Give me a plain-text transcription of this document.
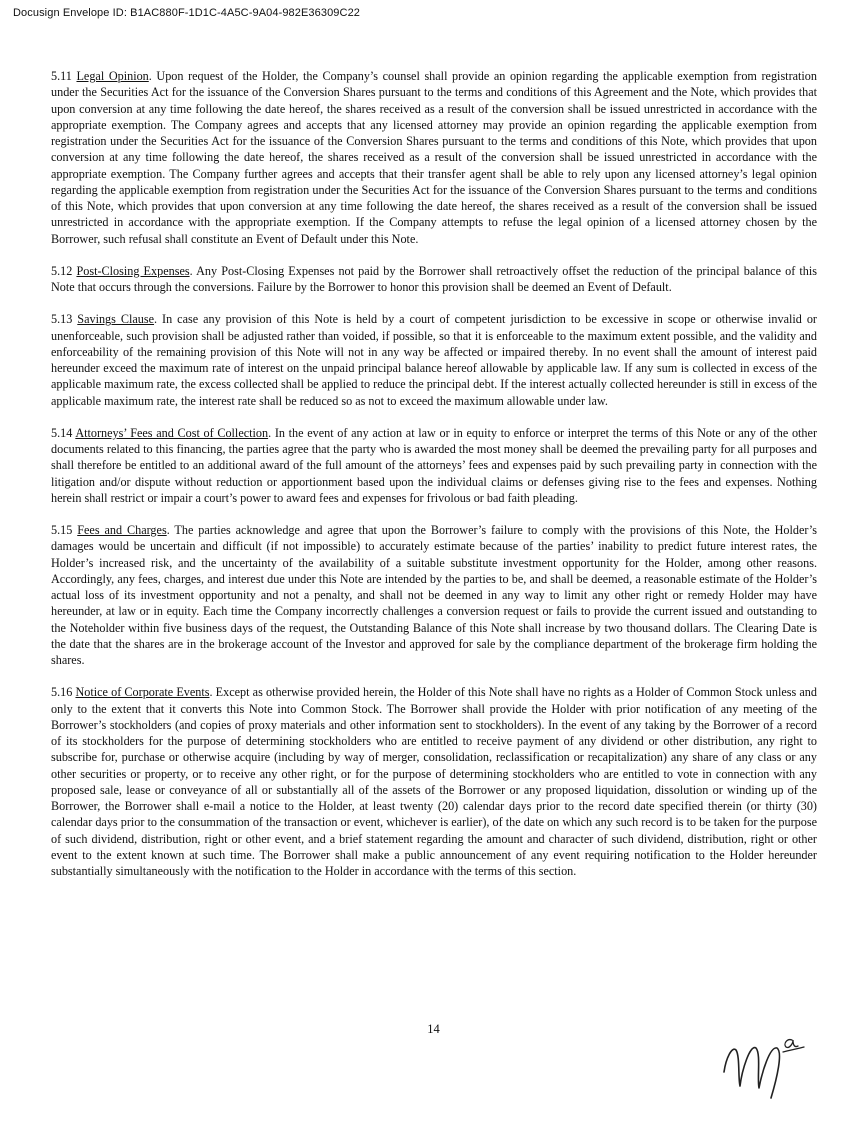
Docusign Envelope ID: B1AC880F-1D1C-4A5C-9A04-982E36309C22

5.11 Legal Opinion. Upon request of the Holder, the Company’s counsel shall provide an opinion regarding the applicable exemption from registration under the Securities Act for the issuance of the Conversion Shares pursuant to the terms and conditions of this Agreement and the Note, which provides that upon conversion at any time following the date hereof, the shares received as a result of the conversion shall be issued unrestricted in accordance with the appropriate exemption. The Company agrees and accepts that any licensed attorney may provide an opinion regarding the applicable exemption from registration under the Securities Act for the issuance of the Conversion Shares pursuant to the terms and conditions of this Note, which provides that upon conversion at any time following the date hereof, the shares received as a result of the conversion shall be issued unrestricted in accordance with the appropriate exemption. The Company further agrees and accepts that their transfer agent shall be able to rely upon any licensed attorney’s legal opinion regarding the applicable exemption from registration under the Securities Act for the issuance of the Conversion Shares pursuant to the terms and conditions of this Note, which provides that upon conversion at any time following the date hereof, the shares received as a result of the conversion shall be issued unrestricted in accordance with the appropriate exemption. If the Company attempts to refuse the legal opinion of a licensed attorney chosen by the Borrower, such refusal shall constitute an Event of Default under this Note.

5.12 Post-Closing Expenses. Any Post-Closing Expenses not paid by the Borrower shall retroactively offset the reduction of the principal balance of this Note that occurs through the conversions. Failure by the Borrower to honor this provision shall be deemed an Event of Default.

5.13 Savings Clause. In case any provision of this Note is held by a court of competent jurisdiction to be excessive in scope or otherwise invalid or unenforceable, such provision shall be adjusted rather than voided, if possible, so that it is enforceable to the maximum extent possible, and the validity and enforceability of the remaining provision of this Note will not in any way be affected or impaired thereby. In no event shall the amount of interest paid hereunder exceed the maximum rate of interest on the unpaid principal balance hereof allowable by applicable law. If any sum is collected in excess of the applicable maximum rate, the excess collected shall be applied to reduce the principal debt. If the interest actually collected hereunder is still in excess of the applicable maximum rate, the interest rate shall be reduced so as not to exceed the maximum allowable under law.

5.14 Attorneys’ Fees and Cost of Collection. In the event of any action at law or in equity to enforce or interpret the terms of this Note or any of the other documents related to this financing, the parties agree that the party who is awarded the most money shall be deemed the prevailing party for all purposes and shall therefore be entitled to an additional award of the full amount of the attorneys’ fees and expenses paid by such prevailing party in connection with the litigation and/or dispute without reduction or apportionment based upon the individual claims or defenses giving rise to the fees and expenses. Nothing herein shall restrict or impair a court’s power to award fees and expenses for frivolous or bad faith pleading.

5.15 Fees and Charges. The parties acknowledge and agree that upon the Borrower’s failure to comply with the provisions of this Note, the Holder’s damages would be uncertain and difficult (if not impossible) to accurately estimate because of the parties’ inability to predict future interest rates, the Holder’s increased risk, and the uncertainty of the availability of a suitable substitute investment opportunity for the Holder, among other reasons. Accordingly, any fees, charges, and interest due under this Note are intended by the parties to be, and shall be deemed, a reasonable estimate of the Holder’s actual loss of its investment opportunity and not a penalty, and shall not be deemed in any way to limit any other right or remedy Holder may have hereunder, at law or in equity. Each time the Company incorrectly challenges a conversion request or fails to provide the current issued and outstanding to the Noteholder within five business days of the request, the Outstanding Balance of this Note shall increase by two thousand dollars. The Clearing Date is the date that the shares are in the brokerage account of the Investor and approved for sale by the compliance department of the brokerage firm holding the shares.

5.16 Notice of Corporate Events. Except as otherwise provided herein, the Holder of this Note shall have no rights as a Holder of Common Stock unless and only to the extent that it converts this Note into Common Stock. The Borrower shall provide the Holder with prior notification of any meeting of the Borrower’s stockholders (and copies of proxy materials and other information sent to stockholders). In the event of any taking by the Borrower of a record of its stockholders for the purpose of determining stockholders who are entitled to receive payment of any dividend or other distribution, any right to subscribe for, purchase or otherwise acquire (including by way of merger, consolidation, reclassification or recapitalization) any share of any class or any other securities or property, or to receive any other right, or for the purpose of determining stockholders who are entitled to vote in connection with any proposed sale, lease or conveyance of all or substantially all of the assets of the Borrower or any proposed liquidation, dissolution or winding up of the Borrower, the Borrower shall e-mail a notice to the Holder, at least twenty (20) calendar days prior to the record date specified therein (or thirty (30) calendar days prior to the consummation of the transaction or event, whichever is earlier), of the date on which any such record is to be taken for the purpose of such dividend, distribution, right or other event, and a brief statement regarding the amount and character of such dividend, distribution, right or other event to the extent known at such time. The Borrower shall make a public announcement of any event requiring notification to the Holder hereunder substantially simultaneously with the notification to the Holder in accordance with the terms of this section.

14
